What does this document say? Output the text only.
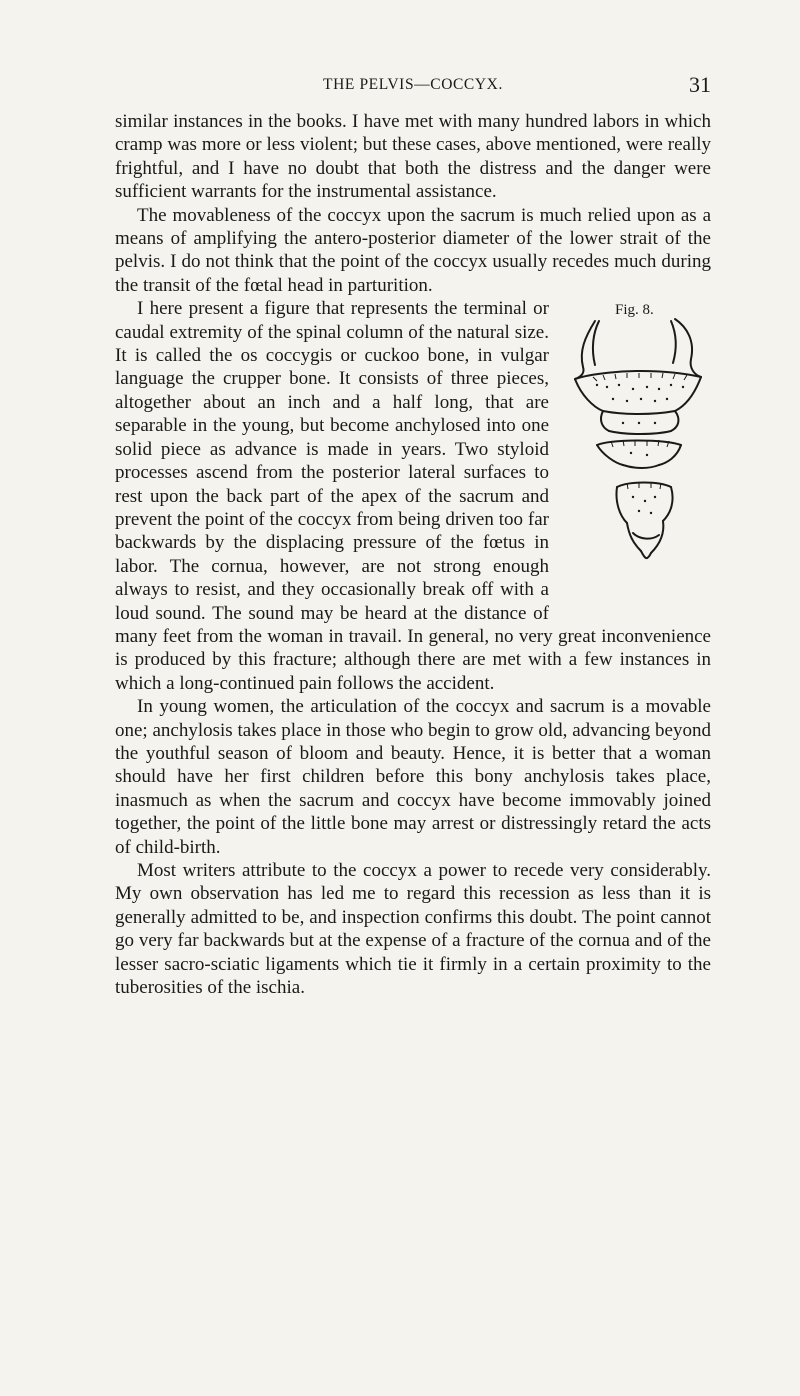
THE PELVIS—COCCYX.	31

similar instances in the books. I have met with many hundred labors in which cramp was more or less violent; but these cases, above mentioned, were really frightful, and I have no doubt that both the distress and the danger were sufficient warrants for the instrumental assistance.

The movableness of the coccyx upon the sacrum is much relied upon as a means of amplifying the antero-posterior diameter of the lower strait of the pelvis. I do not think that the point of the coccyx usually recedes much during the transit of the fœtal head in parturition.

Fig. 8.

I here present a figure that represents the terminal or caudal extremity of the spinal column of the natural size. It is called the os coccygis or cuckoo bone, in vulgar language the crupper bone. It consists of three pieces, altogether about an inch and a half long, that are separable in the young, but become anchylosed into one solid piece as advance is made in years. Two styloid processes ascend from the posterior lateral surfaces to rest upon the back part of the apex of the sacrum and prevent the point of the coccyx from being driven too far backwards by the displacing pressure of the fœtus in labor. The cornua, however, are not strong enough always to resist, and they occasionally break off with a loud sound. The sound may be heard at the distance of many feet from the woman in travail. In general, no very great inconvenience is produced by this fracture; although there are met with a few instances in which a long-continued pain follows the accident.

In young women, the articulation of the coccyx and sacrum is a movable one; anchylosis takes place in those who begin to grow old, advancing beyond the youthful season of bloom and beauty. Hence, it is better that a woman should have her first children before this bony anchylosis takes place, inasmuch as when the sacrum and coccyx have become immovably joined together, the point of the little bone may arrest or distressingly retard the acts of child-birth.

Most writers attribute to the coccyx a power to recede very considerably. My own observation has led me to regard this recession as less than it is generally admitted to be, and inspection confirms this doubt. The point cannot go very far backwards but at the expense of a fracture of the cornua and of the lesser sacro-sciatic ligaments which tie it firmly in a certain proximity to the tuberosities of the ischia.
